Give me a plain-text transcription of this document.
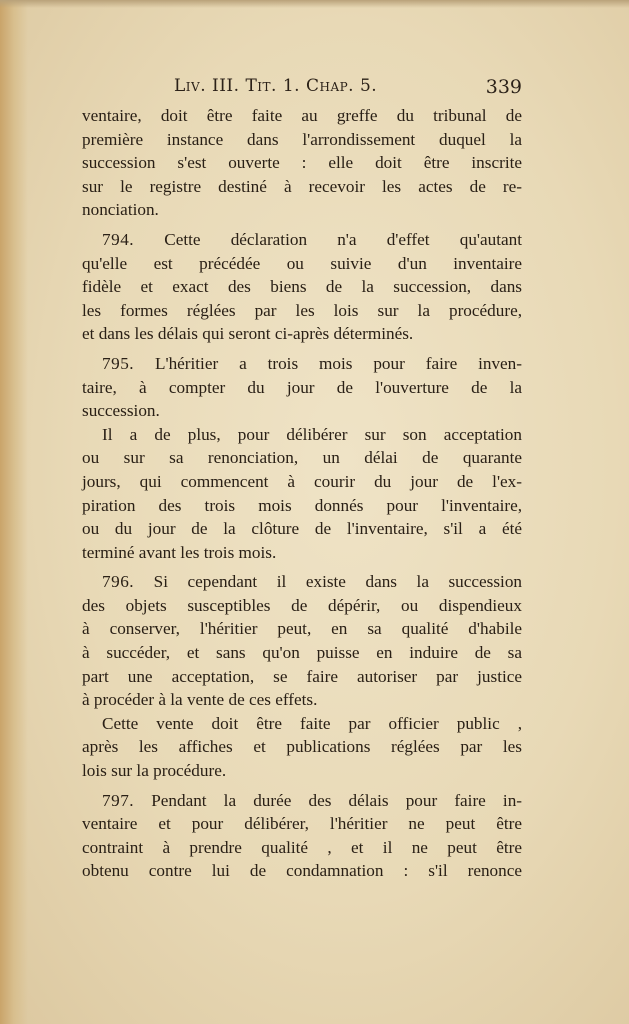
Liv. III. Tit. 1. Chap. 5.	339
ventaire, doit être faite au greffe du tribunal de
première instance dans l'arrondissement duquel la
succession s'est ouverte : elle doit être inscrite
sur le registre destiné à recevoir les actes de re-
nonciation.
794. Cette déclaration n'a d'effet qu'autant
qu'elle est précédée ou suivie d'un inventaire
fidèle et exact des biens de la succession, dans
les formes réglées par les lois sur la procédure,
et dans les délais qui seront ci-après déterminés.
795. L'héritier a trois mois pour faire inven-
taire, à compter du jour de l'ouverture de la
succession.
Il a de plus, pour délibérer sur son acceptation
ou sur sa renonciation, un délai de quarante
jours, qui commencent à courir du jour de l'ex-
piration des trois mois donnés pour l'inventaire,
ou du jour de la clôture de l'inventaire, s'il a été
terminé avant les trois mois.
796. Si cependant il existe dans la succession
des objets susceptibles de dépérir, ou dispendieux
à conserver, l'héritier peut, en sa qualité d'habile
à succéder, et sans qu'on puisse en induire de sa
part une acceptation, se faire autoriser par justice
à procéder à la vente de ces effets.
Cette vente doit être faite par officier public ,
après les affiches et publications réglées par les
lois sur la procédure.
797. Pendant la durée des délais pour faire in-
ventaire et pour délibérer, l'héritier ne peut être
contraint à prendre qualité , et il ne peut être
obtenu contre lui de condamnation : s'il renonce
